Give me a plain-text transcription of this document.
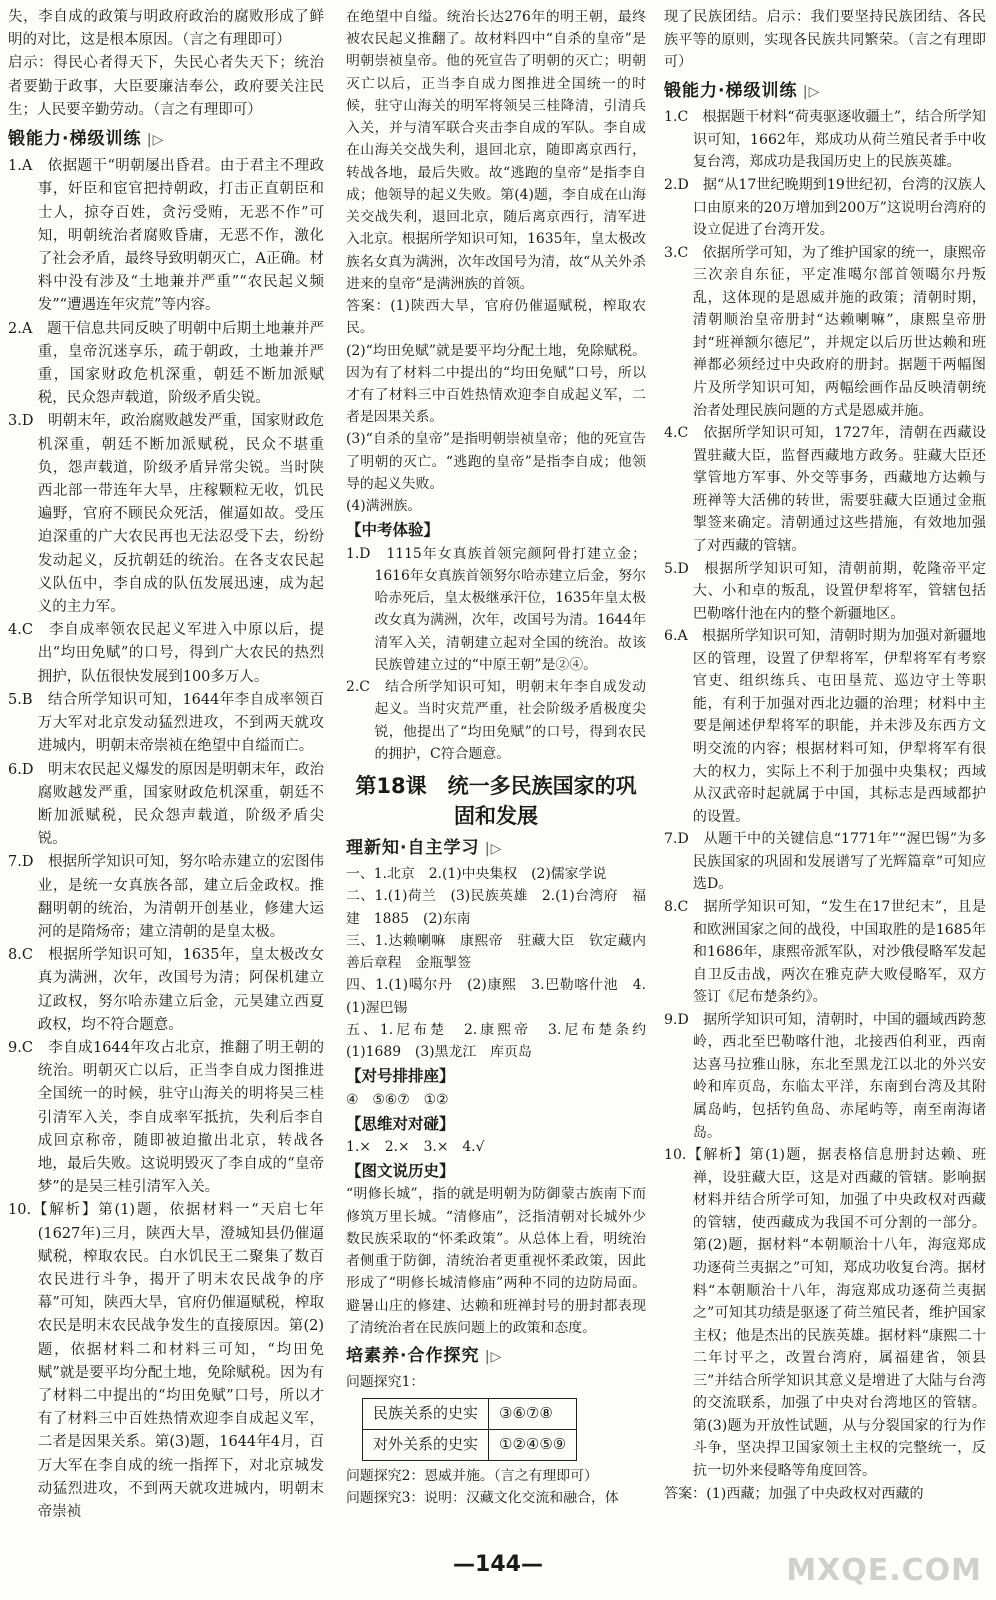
失，李自成的政策与明政府政治的腐败形成了鲜明的对比，这是根本原因。（言之有理即可）

启示：得民心者得天下，失民心者失天下；统治者要勤于政事，大臣要廉洁奉公，政府要关注民生；人民要辛勤劳动。（言之有理即可）

锻能力·梯级训练 |▷

1.A　依据题干“明朝屡出昏君。由于君主不理政事，奸臣和宦官把持朝政，打击正直朝臣和士人，掠夺百姓，贪污受贿，无恶不作”可知，明朝统治者腐败昏庸，无恶不作，激化了社会矛盾，最终导致明朝灭亡，A正确。材料中没有涉及“土地兼并严重”“农民起义频发”“遭遇连年灾荒”等内容。

2.A　题干信息共同反映了明朝中后期土地兼并严重，皇帝沉迷享乐，疏于朝政，土地兼并严重，国家财政危机深重，朝廷不断加派赋税，民众怨声载道，阶级矛盾尖锐。

3.D　明朝末年，政治腐败越发严重，国家财政危机深重，朝廷不断加派赋税，民众不堪重负，怨声载道，阶级矛盾异常尖锐。当时陕西北部一带连年大旱，庄稼颗粒无收，饥民遍野，官府不顾民众死活，催逼如故。受压迫深重的广大农民再也无法忍受下去，纷纷发动起义，反抗朝廷的统治。在各支农民起义队伍中，李自成的队伍发展迅速，成为起义的主力军。

4.C　李自成率领农民起义军进入中原以后，提出“均田免赋”的口号，得到广大农民的热烈拥护，队伍很快发展到100多万人。

5.B　结合所学知识可知，1644年李自成率领百万大军对北京发动猛烈进攻，不到两天就攻进城内，明朝末帝崇祯在绝望中自缢而亡。

6.D　明末农民起义爆发的原因是明朝末年，政治腐败越发严重，国家财政危机深重，朝廷不断加派赋税，民众怨声载道，阶级矛盾尖锐。

7.D　根据所学知识可知，努尔哈赤建立的宏图伟业，是统一女真族各部，建立后金政权。推翻明朝的统治，为清朝开创基业，修建大运河的是隋炀帝；建立清朝的是皇太极。

8.C　根据所学知识可知，1635年，皇太极改女真为满洲，次年，改国号为清；阿保机建立辽政权，努尔哈赤建立后金，元昊建立西夏政权，均不符合题意。

9.C　李自成1644年攻占北京，推翻了明王朝的统治。明朝灭亡以后，正当李自成力图推进全国统一的时候，驻守山海关的明将吴三桂引清军入关，李自成率军抵抗，失利后李自成回京称帝，随即被迫撤出北京，转战各地，最后失败。这说明毁灭了李自成的“皇帝梦”的是吴三桂引清军入关。

10.【解析】第(1)题，依据材料一“天启七年(1627年)三月，陕西大旱，澄城知县仍催逼赋税，榨取农民。白水饥民王二聚集了数百农民进行斗争，揭开了明末农民战争的序幕”可知，陕西大旱，官府仍催逼赋税，榨取农民是明末农民战争发生的直接原因。第(2)题，依据材料二和材料三可知，“均田免赋”就是要平均分配土地，免除赋税。因为有了材料二中提出的“均田免赋”口号，所以才有了材料三中百姓热情欢迎李自成起义军，二者是因果关系。第(3)题，1644年4月，百万大军在李自成的统一指挥下，对北京城发动猛烈进攻，不到两天就攻进城内，明朝末帝崇祯

在绝望中自缢。统治长达276年的明王朝，最终被农民起义推翻了。故材料四中“自杀的皇帝”是明朝崇祯皇帝。他的死宣告了明朝的灭亡；明朝灭亡以后，正当李自成力图推进全国统一的时候，驻守山海关的明军将领吴三桂降清，引清兵入关，并与清军联合夹击李自成的军队。李自成在山海关交战失利，退回北京，随即离京西行，转战各地，最后失败。故“逃跑的皇帝”是指李自成；他领导的起义失败。第(4)题，李自成在山海关交战失利，退回北京，随后离京西行，清军进入北京。根据所学知识可知，1635年，皇太极改族名女真为满洲，次年改国号为清，故“从关外杀进来的皇帝”是满洲族的首领。

答案：(1)陕西大旱，官府仍催逼赋税，榨取农民。

(2)“均田免赋”就是要平均分配土地，免除赋税。因为有了材料二中提出的“均田免赋”口号，所以才有了材料三中百姓热情欢迎李自成起义军，二者是因果关系。

(3)“自杀的皇帝”是指明朝崇祯皇帝；他的死宣告了明朝的灭亡。“逃跑的皇帝”是指李自成；他领导的起义失败。

(4)满洲族。

【中考体验】

1.D　1115年女真族首领完颜阿骨打建立金；1616年女真族首领努尔哈赤建立后金，努尔哈赤死后，皇太极继承汗位，1635年皇太极改女真为满洲，次年，改国号为清。1644年清军入关，清朝建立起对全国的统治。故该民族曾建立过的“中原王朝”是②④。

2.C　结合所学知识可知，明朝末年李自成发动起义。当时灾荒严重，社会阶级矛盾极度尖锐，他提出了“均田免赋”的口号，得到农民的拥护，C符合题意。

第18课　统一多民族国家的巩固和发展

理新知·自主学习 |▷

一、1.北京　2.(1)中央集权　(2)儒家学说

二、1.(1)荷兰　(3)民族英雄　2.(1)台湾府　福建　1885　(2)东南

三、1.达赖喇嘛　康熙帝　驻藏大臣　钦定藏内善后章程　金瓶掣签

四、1.(1)噶尔丹　(2)康熙　3.巴勒喀什池　4.(1)渥巴锡

五、1.尼布楚　2.康熙帝　3.尼布楚条约　(1)1689　(3)黑龙江　库页岛

【对号排排座】

④　⑤⑥⑦　①②

【思维对对碰】

1.×　2.×　3.×　4.√

【图文说历史】

“明修长城”，指的就是明朝为防御蒙古族南下而修筑万里长城。“清修庙”，泛指清朝对长城外少数民族采取的“怀柔政策”。从总体上看，明统治者侧重于防御，清统治者更重视怀柔政策，因此形成了“明修长城清修庙”两种不同的边防局面。避暑山庄的修建、达赖和班禅封号的册封都表现了清统治者在民族问题上的政策和态度。

培素养·合作探究 |▷

问题探究1：

民族关系的史实	③⑥⑦⑧
对外关系的史实	①②④⑤⑨

问题探究2：恩威并施。（言之有理即可）

问题探究3：说明：汉藏文化交流和融合，体

现了民族团结。启示：我们要坚持民族团结、各民族平等的原则，实现各民族共同繁荣。（言之有理即可）

锻能力·梯级训练 |▷

1.C　根据题干材料“荷夷驱逐收疆土”，结合所学知识可知，1662年，郑成功从荷兰殖民者手中收复台湾，郑成功是我国历史上的民族英雄。

2.D　据“从17世纪晚期到19世纪初，台湾的汉族人口由原来的20万增加到200万”这说明台湾府的设立促进了台湾开发。

3.C　依据所学可知，为了维护国家的统一，康熙帝三次亲自东征，平定准噶尔部首领噶尔丹叛乱，这体现的是恩威并施的政策；清朝时期，清朝顺治皇帝册封“达赖喇嘛”，康熙皇帝册封“班禅额尔德尼”，并规定以后历世达赖和班禅都必须经过中央政府的册封。据题干两幅图片及所学知识可知，两幅绘画作品反映清朝统治者处理民族问题的方式是恩威并施。

4.C　依据所学知识可知，1727年，清朝在西藏设置驻藏大臣，监督西藏地方政务。驻藏大臣还掌管地方军事、外交等事务，西藏地方达赖与班禅等大活佛的转世，需要驻藏大臣通过金瓶掣签来确定。清朝通过这些措施，有效地加强了对西藏的管辖。

5.D　根据所学知识可知，清朝前期，乾隆帝平定大、小和卓的叛乱，设置伊犁将军，管辖包括巴勒喀什池在内的整个新疆地区。

6.A　根据所学知识可知，清朝时期为加强对新疆地区的管理，设置了伊犁将军，伊犁将军有考察官吏、组织练兵、屯田垦荒、巡边守土等职能，有利于加强对西北边疆的治理；材料中主要是阐述伊犁将军的职能，并未涉及东西方文明交流的内容；根据材料可知，伊犁将军有很大的权力，实际上不利于加强中央集权；西域从汉武帝时起就属于中国，其标志是西域都护的设置。

7.D　从题干中的关键信息“1771年”“渥巴锡”为多民族国家的巩固和发展谱写了光辉篇章”可知应选D。

8.C　据所学知识可知，“发生在17世纪末”，且是和欧洲国家之间的战役，中国取胜的是1685年和1686年，康熙帝派军队，对沙俄侵略军发起自卫反击战，两次在雅克萨大败侵略军，双方签订《尼布楚条约》。

9.D　据所学知识可知，清朝时，中国的疆域西跨葱岭，西北至巴勒喀什池，北接西伯利亚，西南达喜马拉雅山脉，东北至黑龙江以北的外兴安岭和库页岛，东临太平洋，东南到台湾及其附属岛屿，包括钓鱼岛、赤尾屿等，南至南海诸岛。

10.【解析】第(1)题，据表格信息册封达赖、班禅，设驻藏大臣，这是对西藏的管辖。影响据材料并结合所学可知，加强了中央政权对西藏的管辖，使西藏成为我国不可分割的一部分。第(2)题，据材料“本朝顺治十八年，海寇郑成功逐荷兰夷据之”可知，郑成功收复台湾。据材料“本朝顺治十八年，海寇郑成功逐荷兰夷据之”可知其功绩是驱逐了荷兰殖民者，维护国家主权；他是杰出的民族英雄。据材料“康熙二十二年讨平之，改置台湾府，属福建省，领县三”并结合所学知识其意义是增进了大陆与台湾的交流联系，加强了中央对台湾地区的管辖。第(3)题为开放性试题，从与分裂国家的行为作斗争，坚决捍卫国家领土主权的完整统一，反抗一切外来侵略等角度回答。

答案：(1)西藏；加强了中央政权对西藏的

—144—	MXQE.COM
